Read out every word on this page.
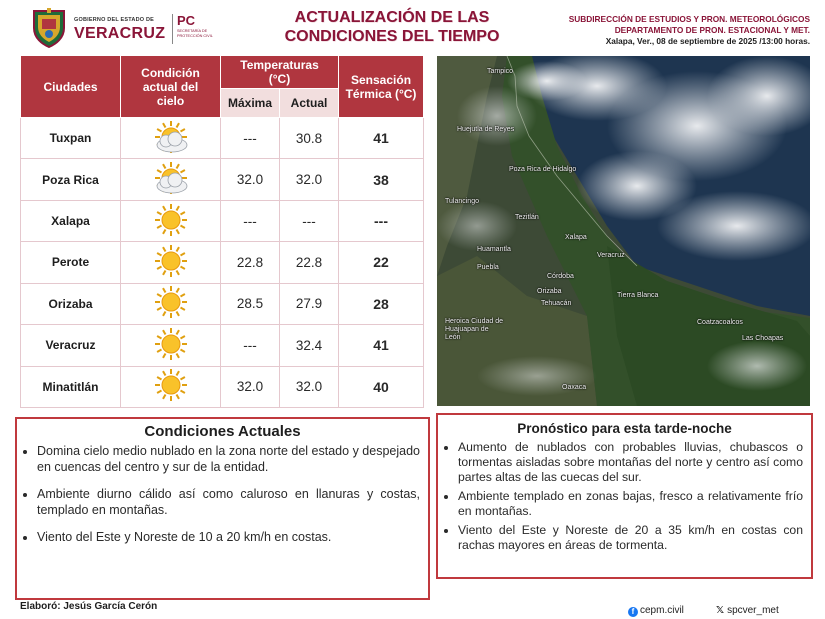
GOBIERNO DEL ESTADO DE
VERACRUZ
PC
SECRETARÍA DE PROTECCIÓN CIVIL
ACTUALIZACIÓN DE LAS
CONDICIONES DEL TIEMPO
SUBDIRECCIÓN DE ESTUDIOS Y PRON. METEOROLÓGICOS
DEPARTAMENTO DE PRON. ESTACIONAL Y MET.
Xalapa, Ver., 08 de septiembre de 2025 /13:00 horas.
Ciudades	Condición actual del cielo	Temperaturas (°C)		Sensación Térmica (°C)
		Máxima	Actual	
Tuxpan		---	30.8	41
Poza Rica		32.0	32.0	38
Xalapa		---	---	---
Perote		22.8	22.8	22
Orizaba		28.5	27.9	28
Veracruz		---	32.4	41
Minatitlán		32.0	32.0	40
Tampico
Huejutla de Reyes
Poza Rica de Hidalgo
Tulancingo
Tezitlán
Xalapa
Huamantla
Veracruz
Puebla
Córdoba
Orizaba
Tehuacán
Tierra Blanca
Heroica Ciudad de Huajuapan de León
Coatzacoalcos
Las Choapas
Oaxaca
Condiciones Actuales
• Domina cielo medio nublado en la zona norte del estado y despejado en cuencas del centro y sur de la entidad.
• Ambiente diurno cálido así como caluroso en llanuras y costas, templado en montañas.
• Viento del Este y Noreste de 10 a 20 km/h en costas.
Pronóstico para esta tarde-noche
• Aumento de nublados con probables lluvias, chubascos o tormentas aisladas sobre montañas del norte y centro así como partes altas de las cuecas del sur.
• Ambiente templado en zonas bajas, fresco a relativamente frío en montañas.
• Viento del Este y Noreste de 20 a 35 km/h en costas con rachas mayores en áreas de tormenta.
Elaboró: Jesús García Cerón	f cepm.civil	𝕏 spcver_met
